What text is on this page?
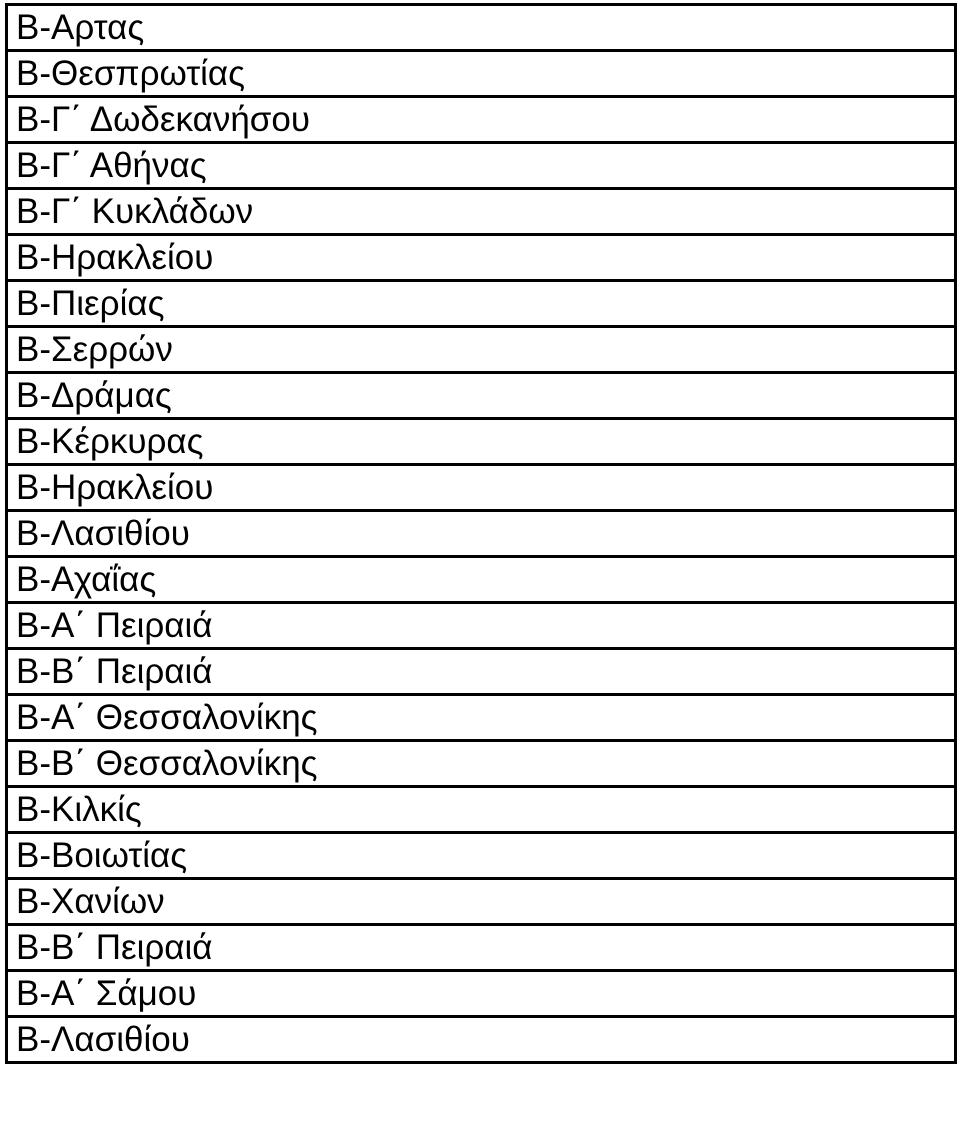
Β-Αρτας
Β-Θεσπρωτίας
Β-Γ΄ Δωδεκανήσου
Β-Γ΄ Αθήνας
Β-Γ΄ Κυκλάδων
Β-Ηρακλείου
Β-Πιερίας
Β-Σερρών
Β-Δράμας
Β-Κέρκυρας
Β-Ηρακλείου
Β-Λασιθίου
Β-Αχαΐας
Β-Α΄ Πειραιά
Β-Β΄ Πειραιά
Β-Α΄ Θεσσαλονίκης
Β-Β΄ Θεσσαλονίκης
Β-Κιλκίς
Β-Βοιωτίας
Β-Χανίων
Β-Β΄ Πειραιά
Β-Α΄ Σάμου
Β-Λασιθίου
